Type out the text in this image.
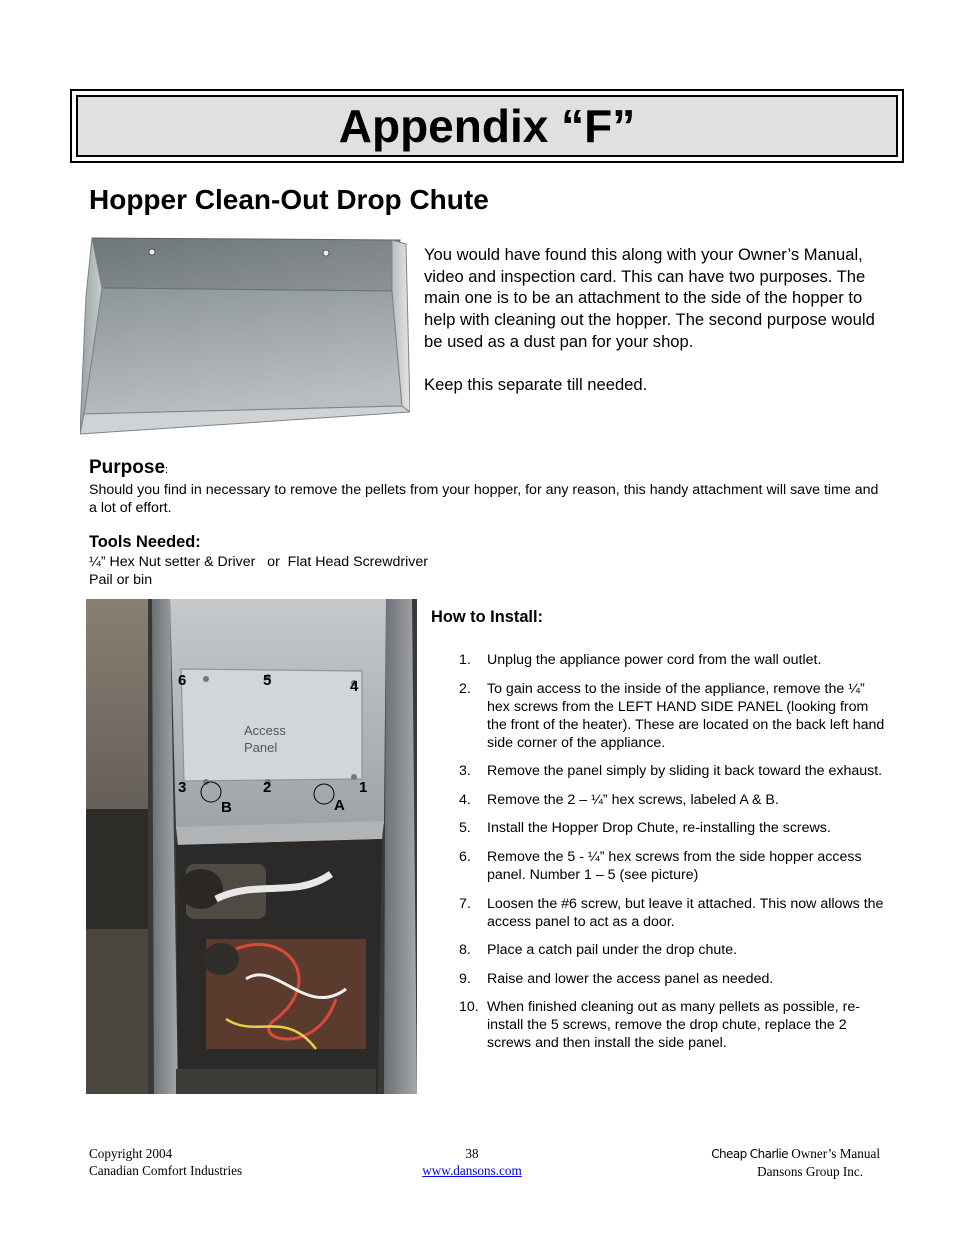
Appendix “F”
Hopper Clean-Out Drop Chute

You would have found this along with your Owner’s Manual, video and inspection card. This can have two purposes. The main one is to be an attachment to the side of the hopper to help with cleaning out the hopper. The second purpose would be used as a dust pan for your shop.

Keep this separate till needed.

Purpose:

Should you find in necessary to remove the pellets from your hopper, for any reason, this handy attachment will save time and a lot of effort.

Tools Needed:
¼” Hex Nut setter & Driver   or  Flat Head Screwdriver
Pail or bin
6	5	4
3	2	1
B	A
Access
Panel
How to Install:
1. Unplug the appliance power cord from the wall outlet.
2. To gain access to the inside of the appliance, remove the ¼” hex screws from the LEFT HAND SIDE PANEL (looking from the front of the heater). These are located on the back left hand side corner of the appliance.
3. Remove the panel simply by sliding it back toward the exhaust.
4. Remove the 2 – ¼” hex screws, labeled A & B.
5. Install the Hopper Drop Chute, re-installing the screws.
6. Remove the 5 - ¼” hex screws from the side hopper access panel. Number 1 – 5 (see picture)
7. Loosen the #6 screw, but leave it attached. This now allows the access panel to act as a door.
8. Place a catch pail under the drop chute.
9. Raise and lower the access panel as needed.
10. When finished cleaning out as many pellets as possible, re-install the 5 screws, remove the drop chute, replace the 2 screws and then install the side panel.
Copyright 2004
Canadian Comfort Industries
38
www.dansons.com
Cheap Charlie Owner’s Manual
Dansons Group Inc.
